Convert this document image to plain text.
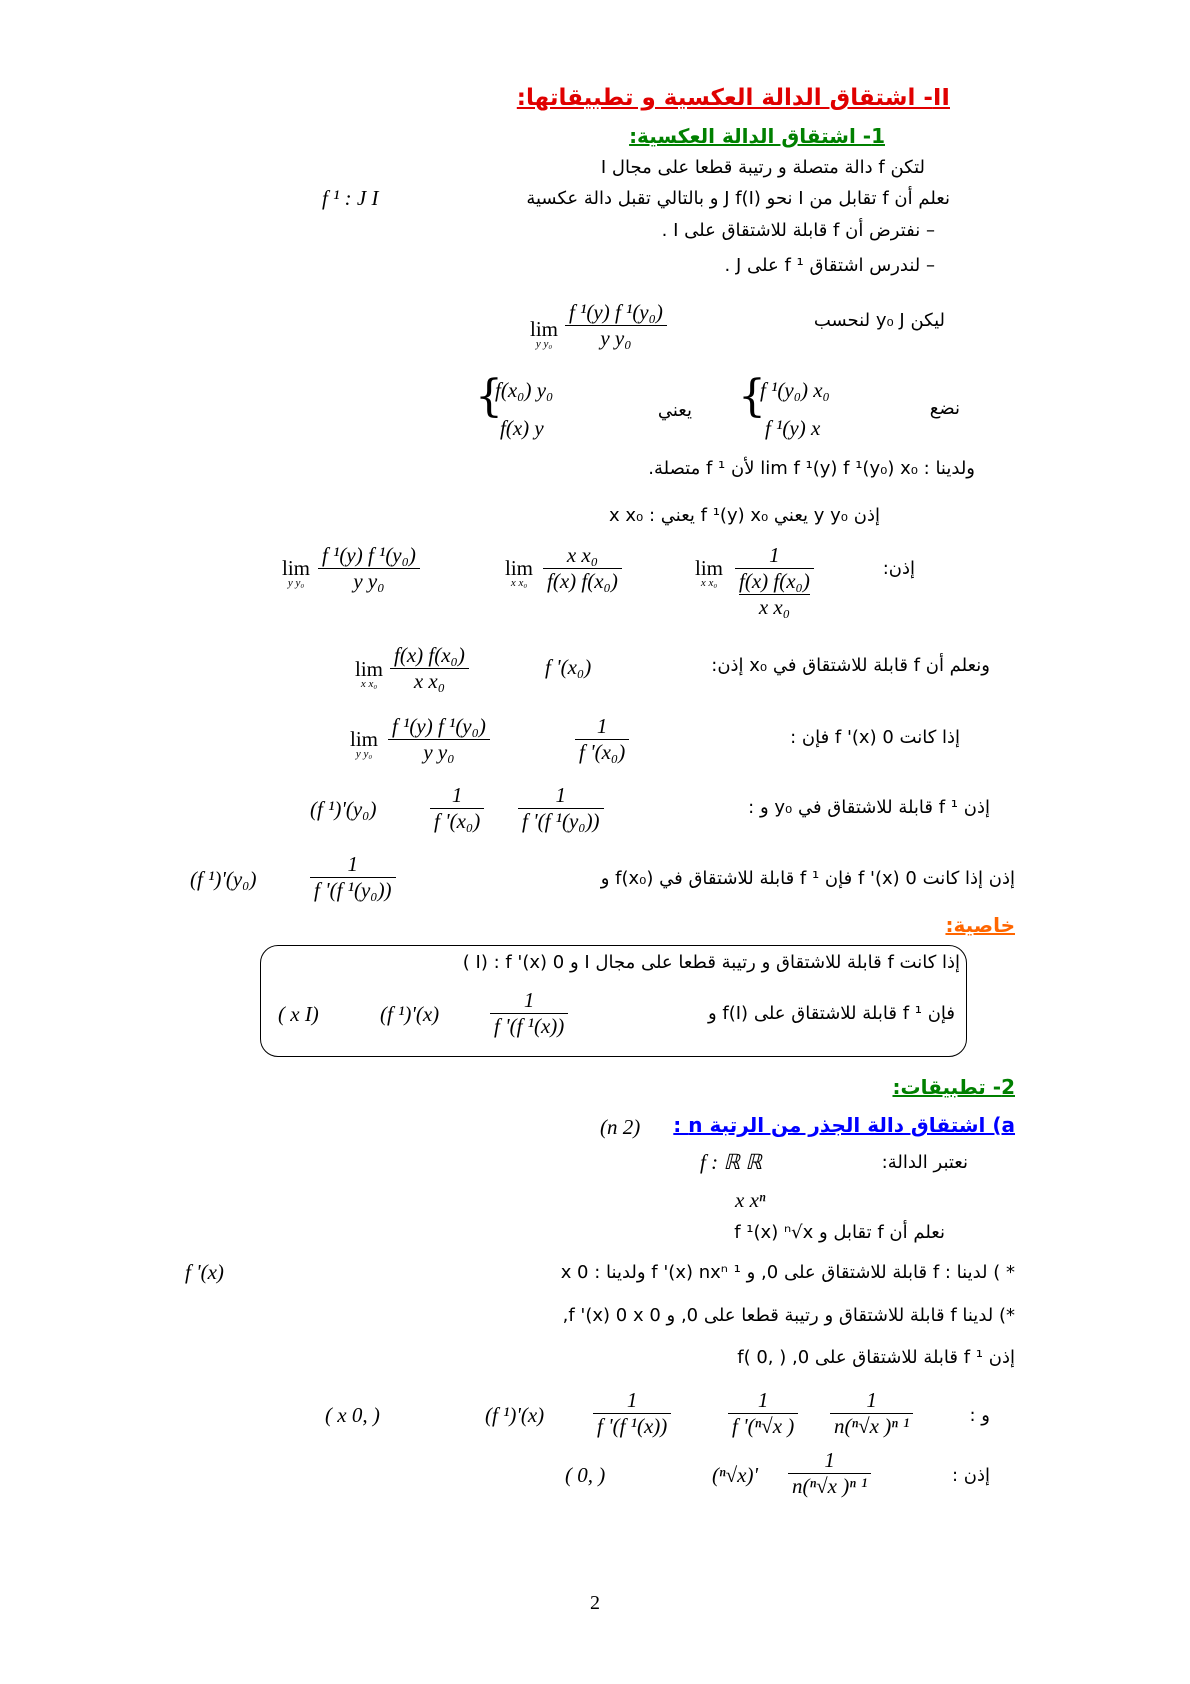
II- اشتقاق الدالة العكسية و تطبيقاتها:
1- اشتقاق الدالة العكسية:
لتكن f دالة متصلة و رتيبة قطعا على مجال I
نعلم أن f تقابل من I نحو J f(I) و بالتالي تقبل دالة عكسية
f ¹ : J I
– نفترض أن f قابلة للاشتقاق على I .
– لندرس اشتقاق f ¹ على J .
ليكن y₀ J لنحسب
lim
y $y_0 \frac{\text{f ¹(y) f ¹(y₀)}}{\text{y y₀}}$
نضع
{
f ¹(y₀) x₀
f ¹(y) x
يعني
{
f(x₀) y₀
f(x) y
ولدينا : lim f ¹(y) f ¹(y₀) x₀ لأن f ¹ متصلة.
إذن y y₀ يعني f ¹(y) x₀ يعني : x x₀
إذن:
lim
y $y_0 \frac{\text{f ¹(y) f ¹(y₀)}}{\text{y y₀}}$	lim
x $x_0 \frac{\text{x x₀}}{\text{f(x) f(x₀)}}$	lim
x $x_0 \frac{1}{\frac{\text{f(x) f(x₀)}}{\text{x x₀}}}$
ونعلم أن f قابلة للاشتقاق في x₀ إذن:
lim
x $x_0 \frac{\text{f(x) f(x₀)}}{\text{x x₀}}$	f '(x₀)
إذا كانت f '(x) 0 فإن :
lim
y $y_0 \frac{\text{f ¹(y) f ¹(y₀)}}{\text{y y₀}}$	$\frac{1}{\text{f '(x₀)}}$
إذن f ¹ قابلة للاشتقاق في y₀ و :
(f ¹)'(y₀)	$\frac{1}{\text{f '(x₀)}} \frac{1}{\text{f '(f ¹(y₀))}}$
إذن إذا كانت f '(x) 0 فإن f ¹ قابلة للاشتقاق في f(x₀) و
(f ¹)'(y₀)	$\frac{1}{\text{f '(f ¹(y₀))}}$
خاصية:
إذا كانت f قابلة للاشتقاق و رتيبة قطعا على مجال I و 0 I) : f '(x) )
فإن f ¹ قابلة للاشتقاق على f(I) و
( x I)	(f $^1)'(x) \frac{1}{\text{f '(f ¹(x))}}$
2- تطبيقات:
a) اشتقاق دالة الجذر من الرتبة n :
(n 2)
نعتبر الدالة:
f : ℝ ℝ
x xⁿ
نعلم أن f تقابل و f ¹(x) ⁿ√x
* ) لدينا : f قابلة للاشتقاق على 0, و f '(x) nxⁿ ¹ ولدينا : x 0
f '(x)
*) لدينا f قابلة للاشتقاق و رتيبة قطعا على 0, و f '(x) 0 x 0,
إذن f ¹ قابلة للاشتقاق على 0, f( 0, )
و :
( x 0, )	(f $^1)'(x) \frac{1}{\text{f '(f ¹(x))}}$	$\frac{1}{\text{f '(ⁿ√x )}} \frac{1}{\text{n(ⁿ√x )ⁿ ¹}}$
إذن :
( 0, )	$(^n√x)' \frac{1}{\text{n(ⁿ√x )ⁿ ¹}}$
2
